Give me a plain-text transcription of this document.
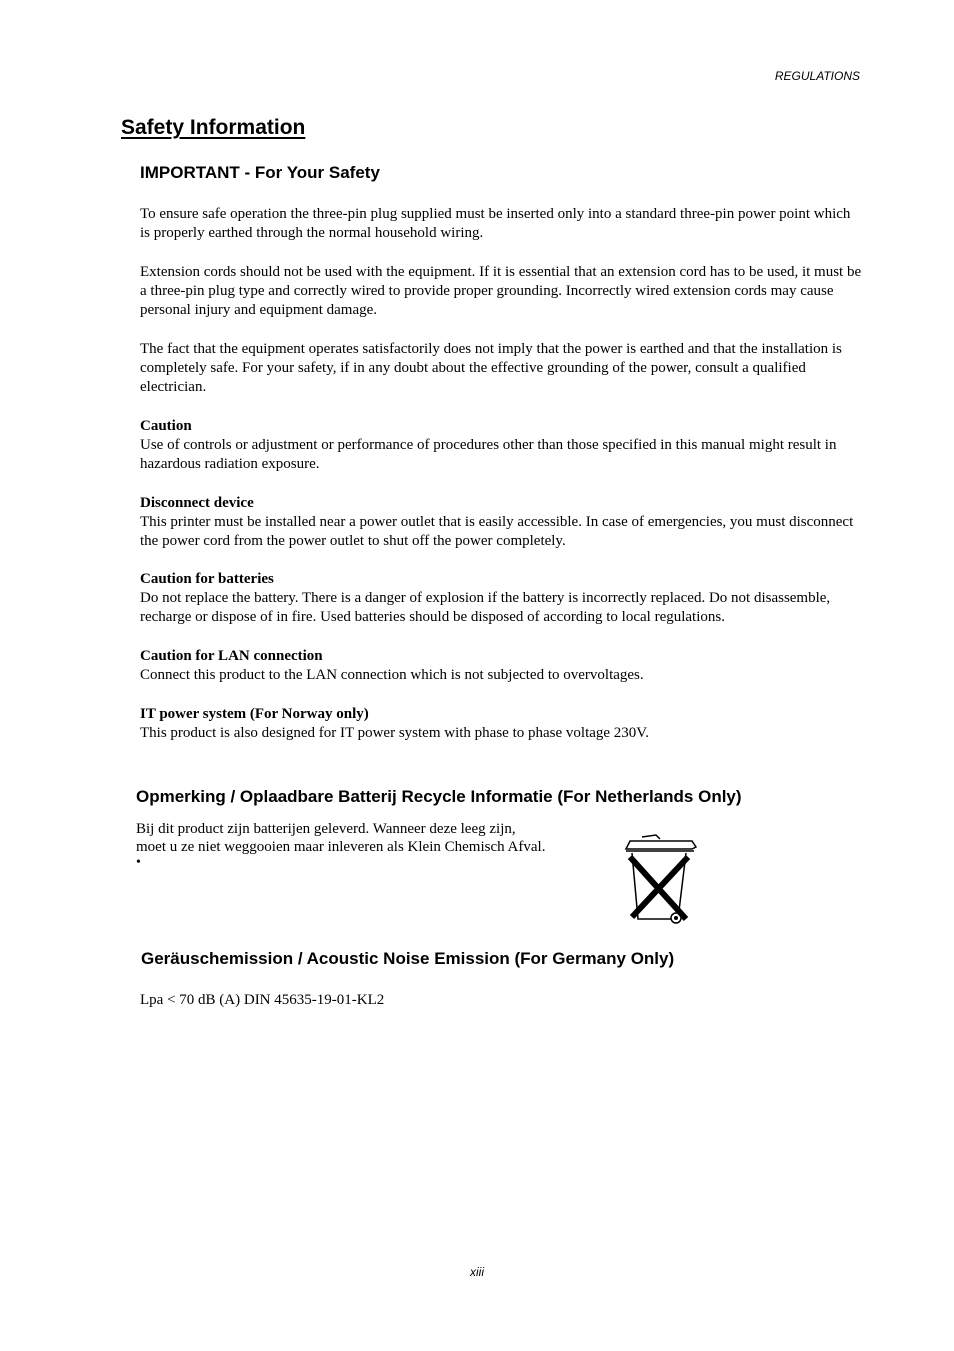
REGULATIONS
Safety Information
IMPORTANT - For Your Safety

To ensure safe operation the three-pin plug supplied must be inserted only into a standard three-pin power point which is properly earthed through the normal household wiring.

Extension cords should not be used with the equipment. If it is essential that an extension cord has to be used, it must be a three-pin plug type and correctly wired to provide proper grounding. Incorrectly wired extension cords may cause personal injury and equipment damage.

The fact that the equipment operates satisfactorily does not imply that the power is earthed and that the installation is completely safe. For your safety, if in any doubt about the effective grounding of the power, consult a qualified electrician.

Caution

Use of controls or adjustment or performance of procedures other than those specified in this manual might result in hazardous radiation exposure.

Disconnect device

This printer must be installed near a power outlet that is easily accessible. In case of emergencies, you must disconnect the power cord from the power outlet to shut off the power completely.

Caution for batteries

Do not replace the battery. There is a danger of explosion if the battery is incorrectly replaced. Do not disassemble, recharge or dispose of in fire. Used batteries should be disposed of according to local regulations.

Caution for LAN connection

Connect this product to the LAN connection which is not subjected to overvoltages.

IT power system (For Norway only)

This product is also designed for IT power system with phase to phase voltage 230V.

Opmerking / Oplaadbare Batterij Recycle Informatie (For Netherlands Only)

Bij dit product zijn batterijen geleverd. Wanneer deze leeg zijn,

moet u ze niet weggooien maar inleveren als Klein Chemisch Afval.

•
Geräuschemission / Acoustic Noise Emission (For Germany Only)
Lpa < 70 dB (A) DIN 45635-19-01-KL2
xiii
